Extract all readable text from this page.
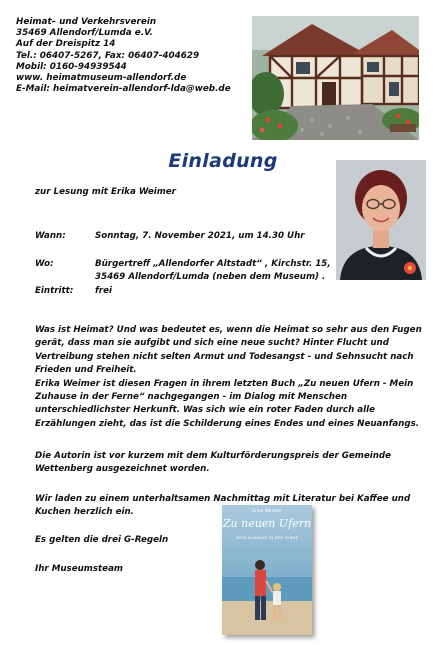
Heimat– und Verkehrsverein
35469 Allendorf/Lumda e.V.
Auf der Dreispitz 14
Tel.: 06407-5267, Fax: 06407-404629
Mobil: 0160-94939544
www. heimatmuseum-allendorf.de
E-Mail: heimatverein-allendorf-lda@web.de
Einladung
zur Lesung mit Erika Weimer
Wann:	Sonntag, 7. November 2021, um 14.30 Uhr
Wo:	Bürgertreff „Allendorfer Altstadt“ , Kirchstr. 15,
35469 Allendorf/Lumda (neben dem Museum) .
Eintritt: frei
Was ist Heimat? Und was bedeutet es, wenn die Heimat so sehr aus den Fugen
gerät, dass man sie aufgibt und sich eine neue sucht? Hinter Flucht und
Vertreibung stehen nicht selten Armut und Todesangst - und Sehnsucht nach
Frieden und Freiheit.
Erika Weimer ist diesen Fragen in ihrem letzten Buch „Zu neuen Ufern - Mein
Zuhause in der Ferne“ nachgegangen - im Dialog mit Menschen
unterschiedlichster Herkunft. Was sich wie ein roter Faden durch alle
Erzählungen zieht, das ist die Schilderung eines Endes und eines Neuanfangs.
Die Autorin ist vor kurzem mit dem Kulturförderungspreis der Gemeinde
Wettenberg ausgezeichnet worden.
Wir laden zu einem unterhaltsamen Nachmittag mit Literatur bei Kaffee und
Kuchen herzlich ein.
Es gelten die drei G-Regeln
Ihr Museumsteam
Erika Weimer
Zu neuen Ufern
MEIN ZUHAUSE IN DER FERNE
